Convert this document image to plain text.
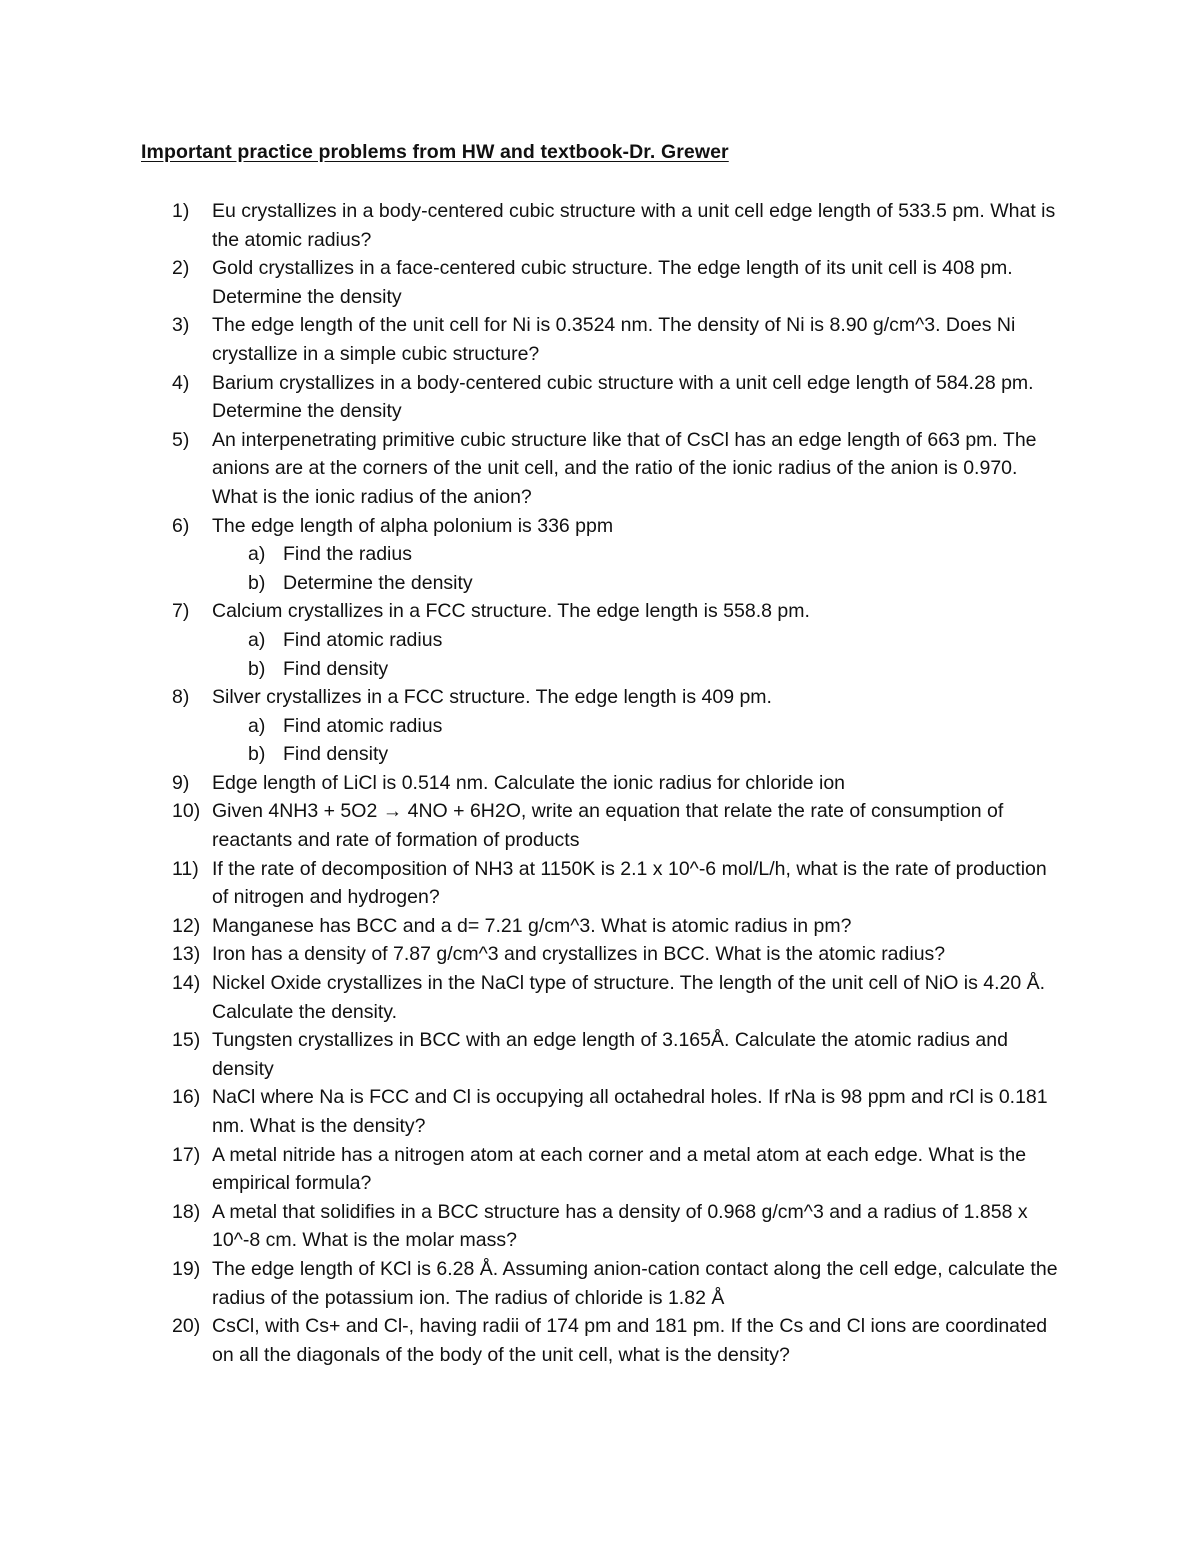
Important practice problems from HW and textbook-Dr. Grewer
1) Eu crystallizes in a body-centered cubic structure with a unit cell edge length of 533.5 pm. What is the atomic radius?
2) Gold crystallizes in a face-centered cubic structure. The edge length of its unit cell is 408 pm. Determine the density
3) The edge length of the unit cell for Ni is 0.3524 nm. The density of Ni is 8.90 g/cm^3. Does Ni crystallize in a simple cubic structure?
4) Barium crystallizes in a body-centered cubic structure with a unit cell edge length of 584.28 pm. Determine the density
5) An interpenetrating primitive cubic structure like that of CsCl has an edge length of 663 pm. The anions are at the corners of the unit cell, and the ratio of the ionic radius of the anion is 0.970. What is the ionic radius of the anion?
6) The edge length of alpha polonium is 336 ppm
a) Find the radius
b) Determine the density
7) Calcium crystallizes in a FCC structure. The edge length is 558.8 pm.
a) Find atomic radius
b) Find density
8) Silver crystallizes in a FCC structure. The edge length is 409 pm.
a) Find atomic radius
b) Find density
9) Edge length of LiCl is 0.514 nm. Calculate the ionic radius for chloride ion
10) Given 4NH3 + 5O2 → 4NO + 6H2O, write an equation that relate the rate of consumption of reactants and rate of formation of products
11) If the rate of decomposition of NH3 at 1150K is 2.1 x 10^-6 mol/L/h, what is the rate of production of nitrogen and hydrogen?
12) Manganese has BCC and a d= 7.21 g/cm^3. What is atomic radius in pm?
13) Iron has a density of 7.87 g/cm^3 and crystallizes in BCC. What is the atomic radius?
14) Nickel Oxide crystallizes in the NaCl type of structure. The length of the unit cell of NiO is 4.20 Å. Calculate the density.
15) Tungsten crystallizes in BCC with an edge length of 3.165Å. Calculate the atomic radius and density
16) NaCl where Na is FCC and Cl is occupying all octahedral holes. If rNa is 98 ppm and rCl is 0.181 nm. What is the density?
17) A metal nitride has a nitrogen atom at each corner and a metal atom at each edge. What is the empirical formula?
18) A metal that solidifies in a BCC structure has a density of 0.968 g/cm^3 and a radius of 1.858 x 10^-8 cm. What is the molar mass?
19) The edge length of KCl is 6.28 Å. Assuming anion-cation contact along the cell edge, calculate the radius of the potassium ion. The radius of chloride is 1.82 Å
20) CsCl, with Cs+ and Cl-, having radii of 174 pm and 181 pm. If the Cs and Cl ions are coordinated on all the diagonals of the body of the unit cell, what is the density?
